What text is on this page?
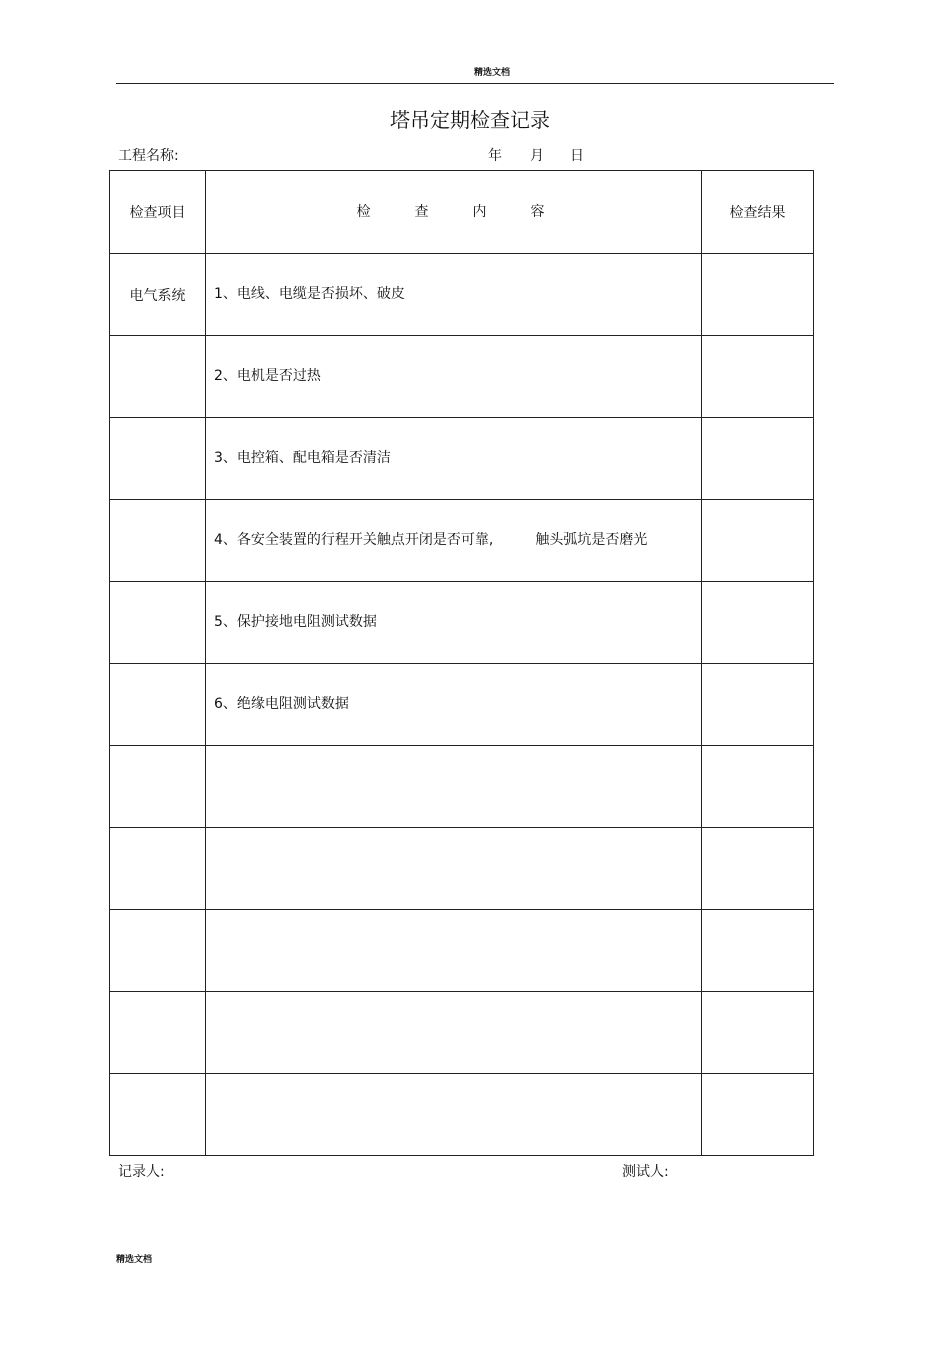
精选文档
塔吊定期检查记录
工程名称:	年	月	日
检查项目	检 查 内 容	检查结果
电气系统	1、电线、电缆是否损坏、破皮	
	2、电机是否过热	
	3、电控箱、配电箱是否清洁	
	4、各安全装置的行程开关触点开闭是否可靠, 触头弧坑是否磨光	
	5、保护接地电阻测试数据	
	6、绝缘电阻测试数据	

记录人:	测试人:
精选文档
